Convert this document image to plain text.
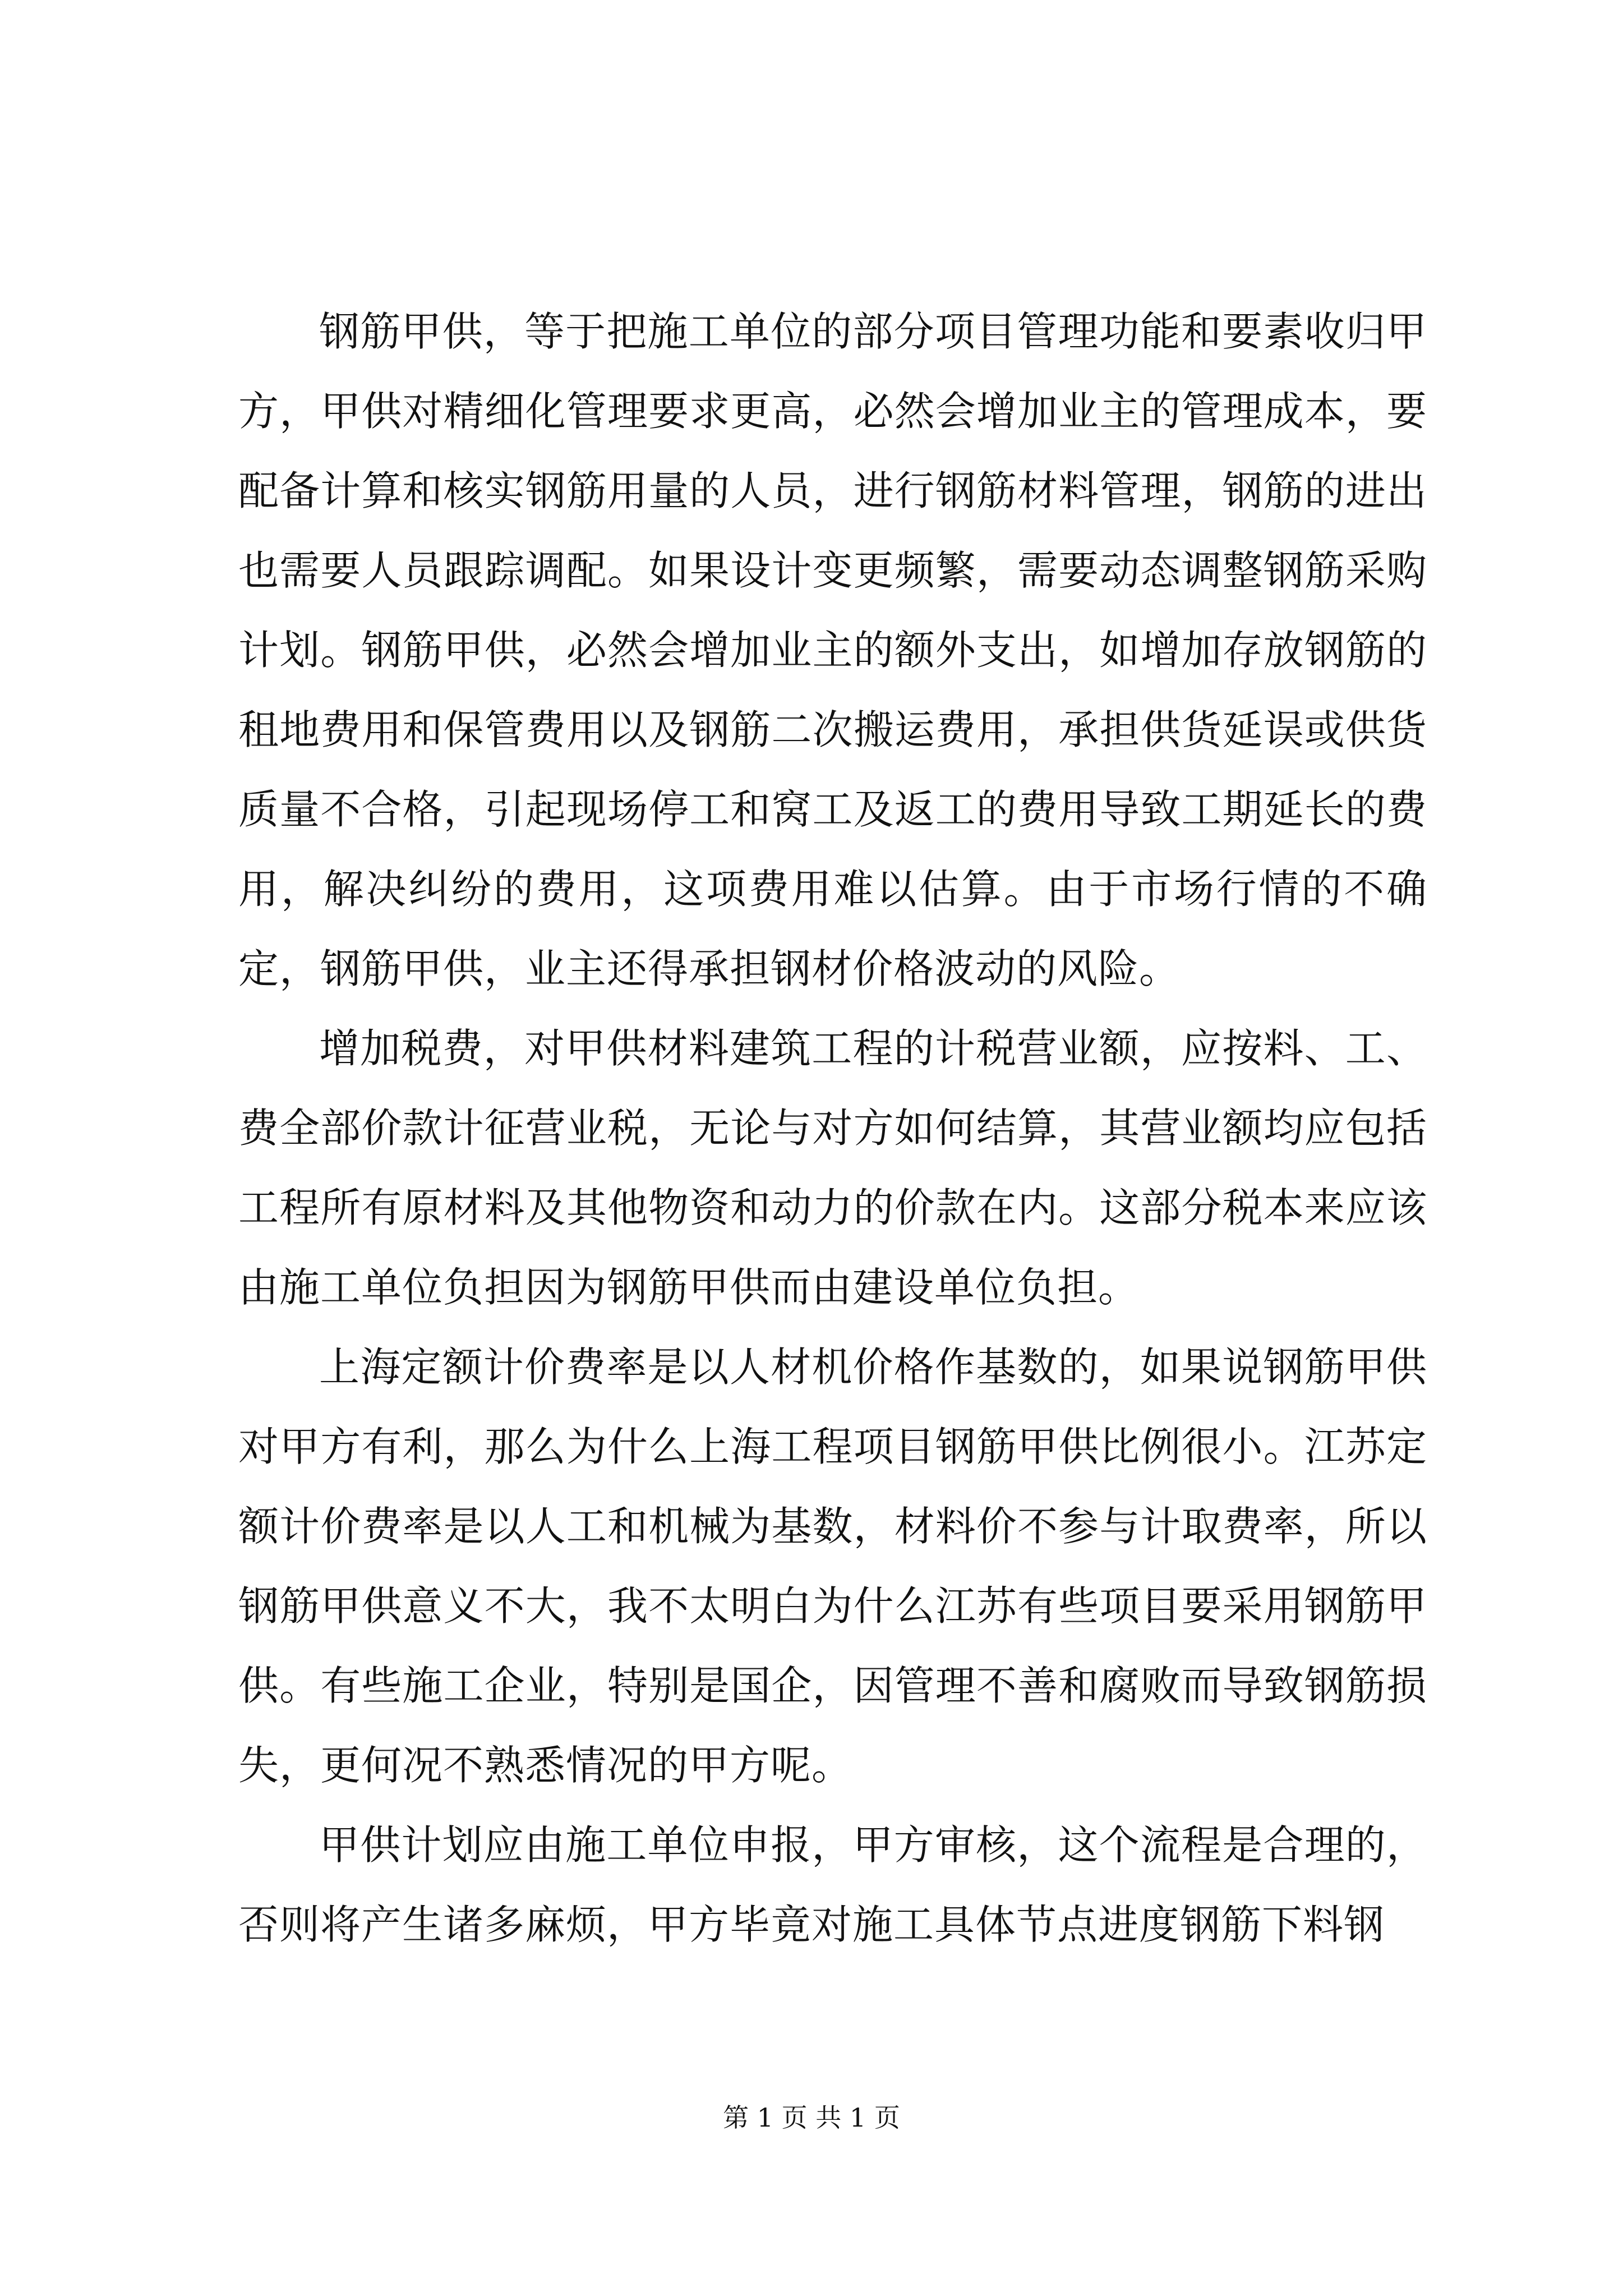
钢筋甲供，等于把施工单位的部分项目管理功能和要素收归甲方，甲供对精细化管理要求更高，必然会增加业主的管理成本，要配备计算和核实钢筋用量的人员，进行钢筋材料管理，钢筋的进出也需要人员跟踪调配。如果设计变更频繁，需要动态调整钢筋采购计划。钢筋甲供，必然会增加业主的额外支出，如增加存放钢筋的租地费用和保管费用以及钢筋二次搬运费用，承担供货延误或供货质量不合格，引起现场停工和窝工及返工的费用导致工期延长的费用，解决纠纷的费用，这项费用难以估算。由于市场行情的不确定，钢筋甲供，业主还得承担钢材价格波动的风险。

增加税费，对甲供材料建筑工程的计税营业额，应按料、工、费全部价款计征营业税，无论与对方如何结算，其营业额均应包括工程所有原材料及其他物资和动力的价款在内。这部分税本来应该由施工单位负担因为钢筋甲供而由建设单位负担。

上海定额计价费率是以人材机价格作基数的，如果说钢筋甲供对甲方有利，那么为什么上海工程项目钢筋甲供比例很小。江苏定额计价费率是以人工和机械为基数，材料价不参与计取费率，所以钢筋甲供意义不大，我不太明白为什么江苏有些项目要采用钢筋甲供。有些施工企业，特别是国企，因管理不善和腐败而导致钢筋损失，更何况不熟悉情况的甲方呢。

甲供计划应由施工单位申报，甲方审核，这个流程是合理的，否则将产生诸多麻烦，甲方毕竟对施工具体节点进度钢筋下料钢

第 1 页 共 1 页
